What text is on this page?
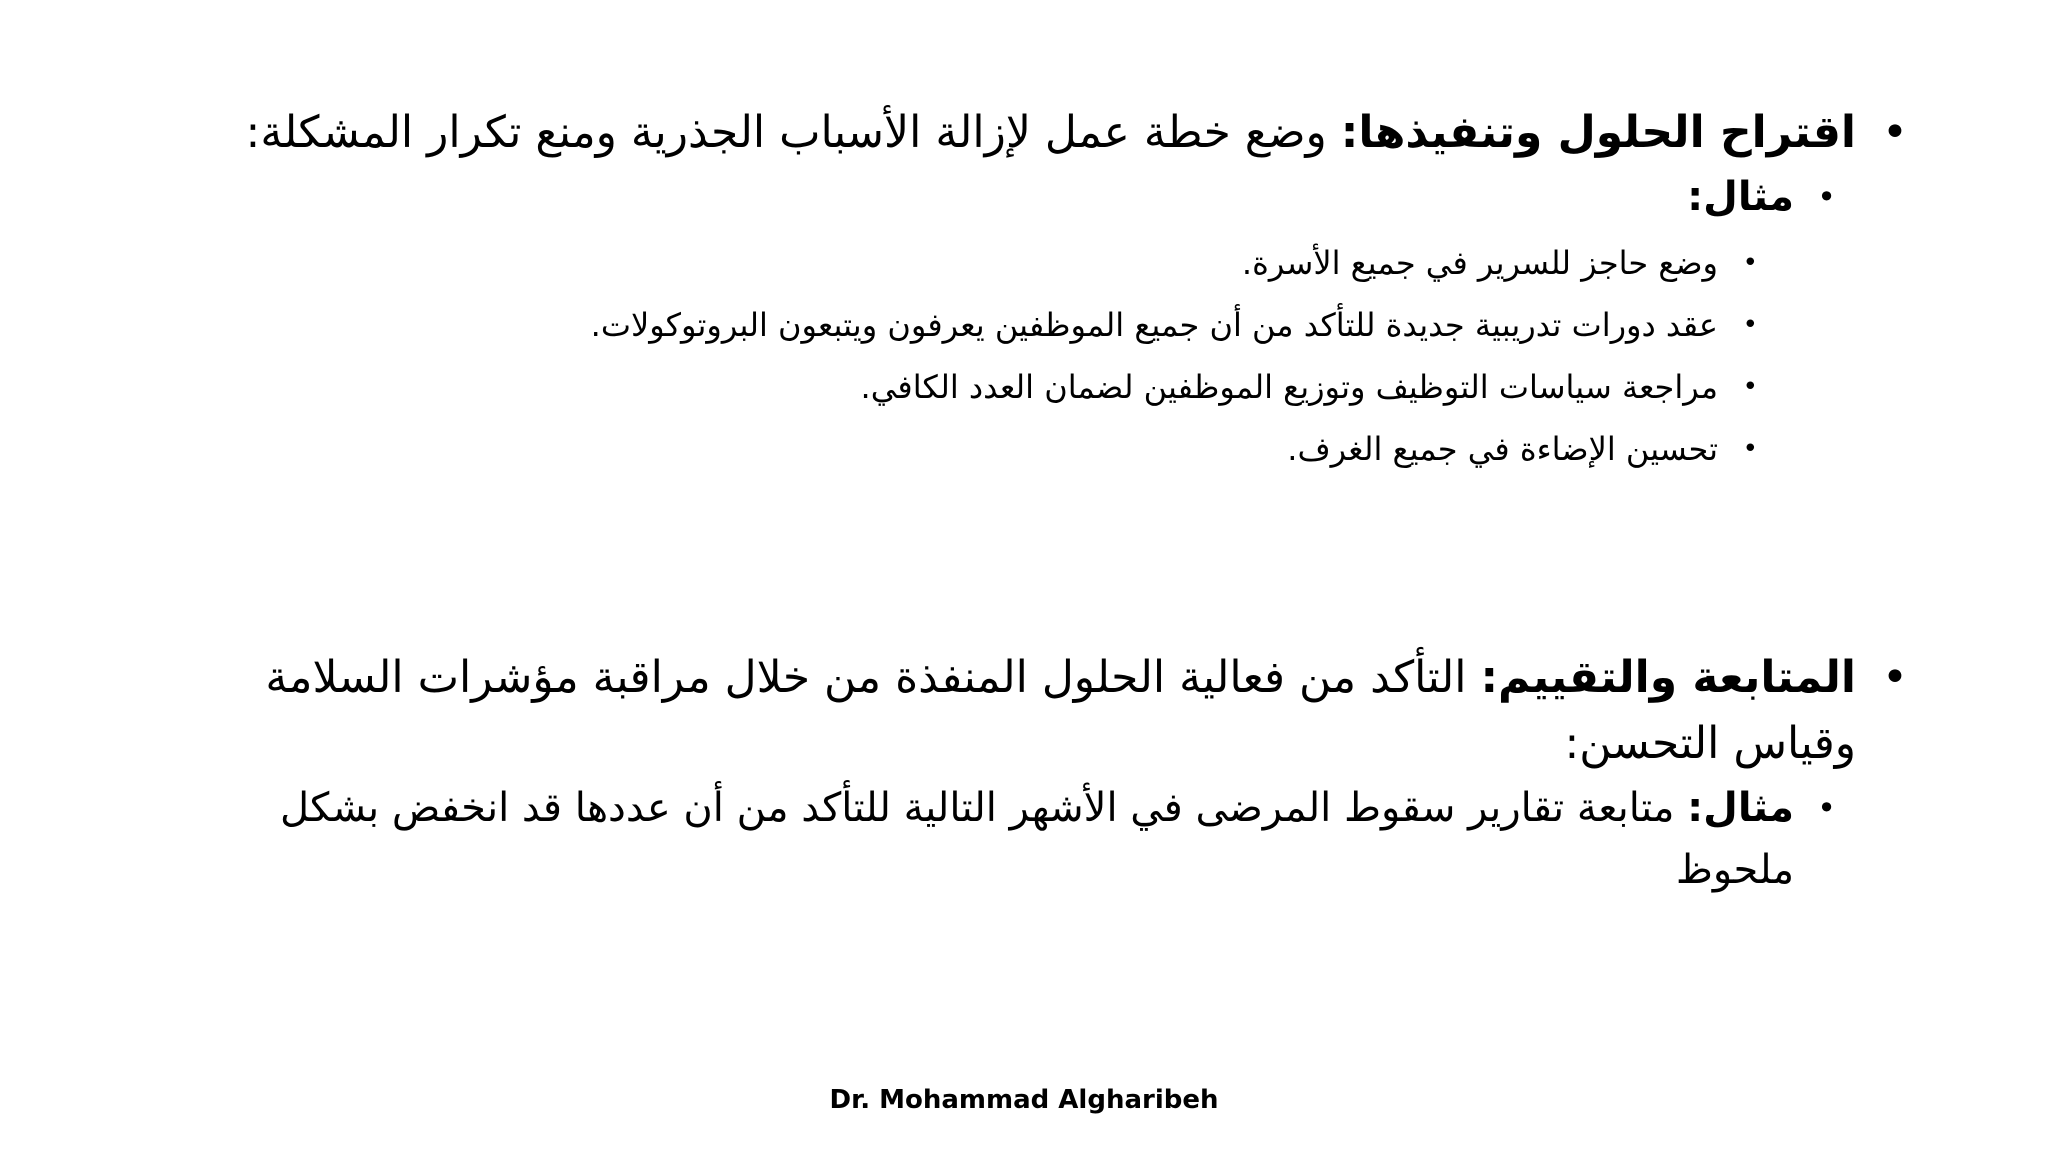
•
اقتراح الحلول وتنفيذها: وضع خطة عمل لإزالة الأسباب الجذرية ومنع تكرار المشكلة:
•
مثال:
•
وضع حاجز للسرير في جميع الأسرة.
•
عقد دورات تدريبية جديدة للتأكد من أن جميع الموظفين يعرفون ويتبعون البروتوكولات.
•
مراجعة سياسات التوظيف وتوزيع الموظفين لضمان العدد الكافي.
•
تحسين الإضاءة في جميع الغرف.
•
المتابعة والتقييم: التأكد من فعالية الحلول المنفذة من خلال مراقبة مؤشرات السلامة وقياس التحسن:
•
مثال: متابعة تقارير سقوط المرضى في الأشهر التالية للتأكد من أن عددها قد انخفض بشكل ملحوظ
Dr. Mohammad Algharibeh
